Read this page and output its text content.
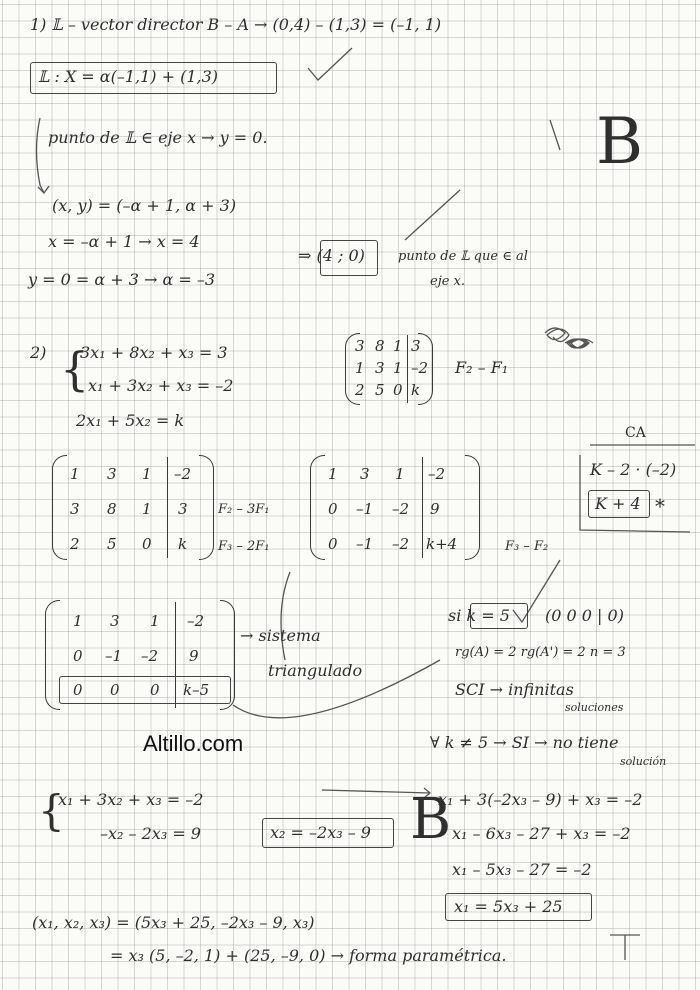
1) 𝕃 – vector director B – A → (0,4) – (1,3) = (–1, 1)
𝕃 : X = α(–1,1) + (1,3)
punto de 𝕃 ∈ eje x → y = 0.
(x, y) = (–α + 1, α + 3)
x = –α + 1 → x = 4
y = 0 = α + 3 → α = –3
⇒ (4 ; 0)	punto de 𝕃 que ∈ al
eje x.
B
2) {
3x₁ + 8x₂ + x₃ = 3
x₁ + 3x₂ + x₃ = –2
2x₁ + 5x₂ = k
3 8 1 3
1 3 1 –2
2 5 0 k
F₂ – F₁
CA
K – 2 · (–2)
K + 4 *
1 3 1 –2
3 8 1 3
2 5 0 k
F₂ – 3F₁
F₃ – 2F₁
1 3 1 –2
0 –1 –2 9
0 –1 –2 k+4	F₃ – F₂
1 3 1 –2
0 –1 –2 9
0 0 0 k–5
→ sistema
triangulado
si k = 5 (0 0 0 | 0)
rg(A) = 2 rg(A') = 2 n = 3
SCI → infinitas
soluciones
∀ k ≠ 5 → SI → no tiene
solución
Altillo.com
{
x₁ + 3x₂ + x₃ = –2
–x₂ – 2x₃ = 9	x₂ = –2x₃ – 9
x₁ + 3(–2x₃ – 9) + x₃ = –2
x₁ – 6x₃ – 27 + x₃ = –2
x₁ – 5x₃ – 27 = –2
x₁ = 5x₃ + 25
B
(x₁, x₂, x₃) = (5x₃ + 25, –2x₃ – 9, x₃)
= x₃ (5, –2, 1) + (25, –9, 0) → forma paramétrica.
